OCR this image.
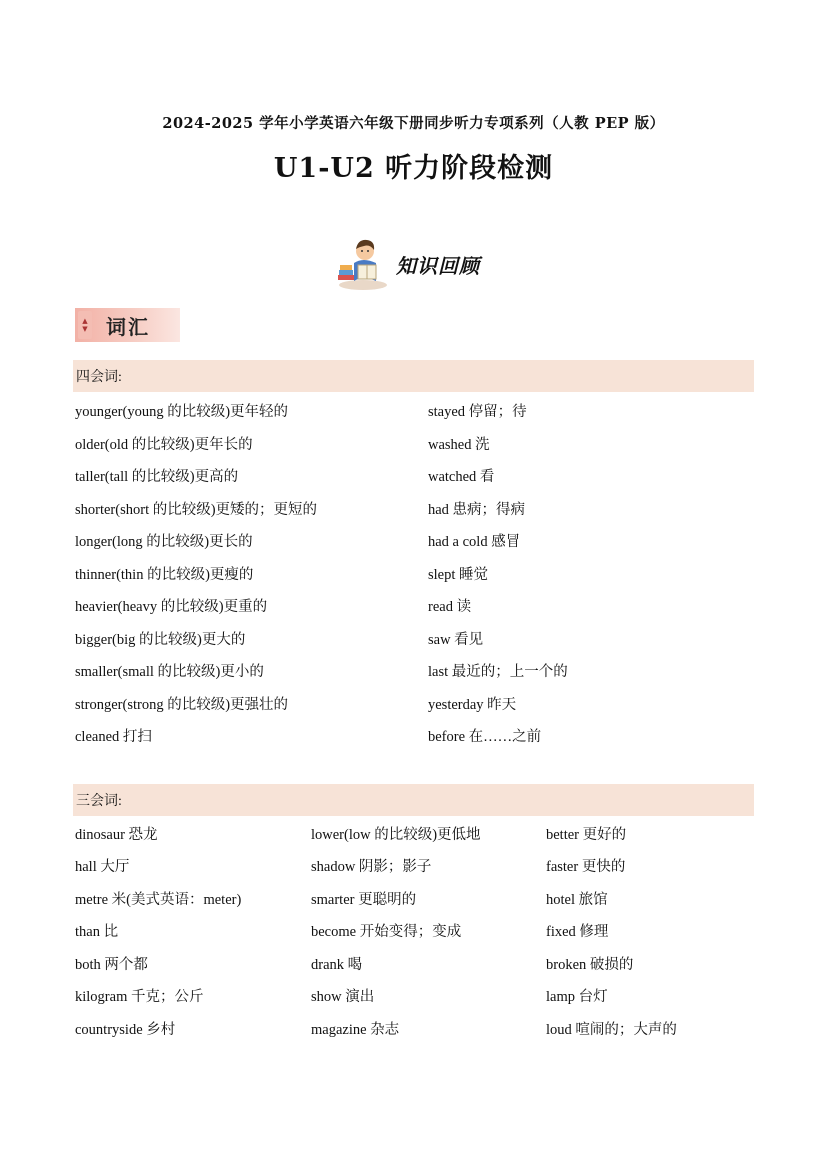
2024-2025 学年小学英语六年级下册同步听力专项系列（人教 PEP 版）
U1-U2 听力阶段检测
知识回顾
▲
▼ 词汇
四会词:
younger(young 的比较级)更年轻的
older(old 的比较级)更年长的
taller(tall 的比较级)更高的
shorter(short 的比较级)更矮的；更短的
longer(long 的比较级)更长的
thinner(thin 的比较级)更瘦的
heavier(heavy 的比较级)更重的
bigger(big 的比较级)更大的
smaller(small 的比较级)更小的
stronger(strong 的比较级)更强壮的
cleaned 打扫
stayed 停留；待
washed 洗
watched 看
had 患病；得病
had a cold 感冒
slept 睡觉
read 读
saw 看见
last 最近的；上一个的
yesterday 昨天
before 在……之前
三会词:
dinosaur 恐龙
hall 大厅
metre 米(美式英语：meter)
than 比
both 两个都
kilogram 千克；公斤
countryside 乡村
lower(low 的比较级)更低地
shadow 阴影；影子
smarter 更聪明的
become 开始变得；变成
drank 喝
show 演出
magazine 杂志
better 更好的
faster 更快的
hotel 旅馆
fixed 修理
broken 破损的
lamp 台灯
loud 喧闹的；大声的
